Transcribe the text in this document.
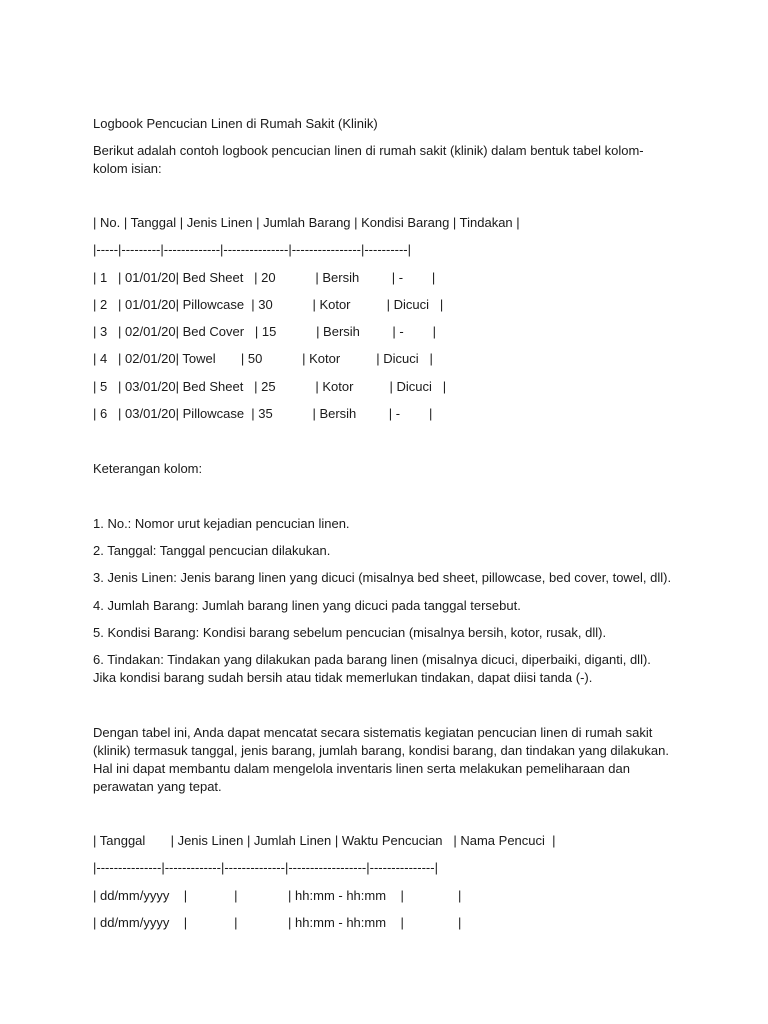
Logbook Pencucian Linen di Rumah Sakit (Klinik)

Berikut adalah contoh logbook pencucian linen di rumah sakit (klinik) dalam bentuk tabel kolom-kolom isian:

| No. | Tanggal | Jenis Linen | Jumlah Barang | Kondisi Barang | Tindakan |

|-----|---------|-------------|---------------|----------------|----------|

| 1   | 01/01/20| Bed Sheet   | 20           | Bersih         | -        |

| 2   | 01/01/20| Pillowcase  | 30           | Kotor          | Dicuci   |

| 3   | 02/01/20| Bed Cover   | 15           | Bersih         | -        |

| 4   | 02/01/20| Towel       | 50           | Kotor          | Dicuci   |

| 5   | 03/01/20| Bed Sheet   | 25           | Kotor          | Dicuci   |

| 6   | 03/01/20| Pillowcase  | 35           | Bersih         | -        |

Keterangan kolom:

1. No.: Nomor urut kejadian pencucian linen.

2. Tanggal: Tanggal pencucian dilakukan.

3. Jenis Linen: Jenis barang linen yang dicuci (misalnya bed sheet, pillowcase, bed cover, towel, dll).

4. Jumlah Barang: Jumlah barang linen yang dicuci pada tanggal tersebut.

5. Kondisi Barang: Kondisi barang sebelum pencucian (misalnya bersih, kotor, rusak, dll).

6. Tindakan: Tindakan yang dilakukan pada barang linen (misalnya dicuci, diperbaiki, diganti, dll). Jika kondisi barang sudah bersih atau tidak memerlukan tindakan, dapat diisi tanda (-).

Dengan tabel ini, Anda dapat mencatat secara sistematis kegiatan pencucian linen di rumah sakit (klinik) termasuk tanggal, jenis barang, jumlah barang, kondisi barang, dan tindakan yang dilakukan. Hal ini dapat membantu dalam mengelola inventaris linen serta melakukan pemeliharaan dan perawatan yang tepat.

| Tanggal       | Jenis Linen | Jumlah Linen | Waktu Pencucian   | Nama Pencuci  |

|---------------|-------------|--------------|------------------|---------------|

| dd/mm/yyyy    |             |              | hh:mm - hh:mm    |               |

| dd/mm/yyyy    |             |              | hh:mm - hh:mm    |               |
